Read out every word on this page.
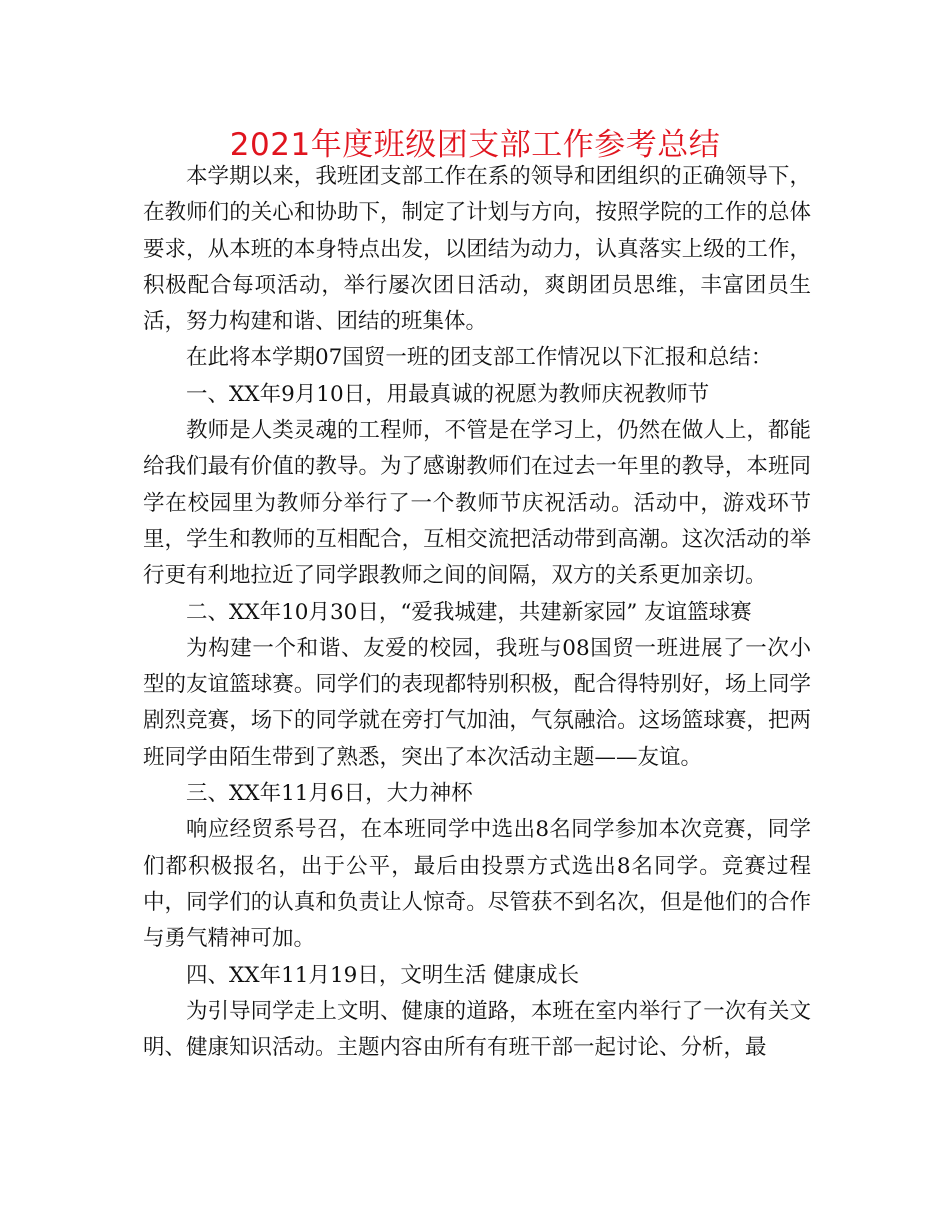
2021年度班级团支部工作参考总结

本学期以来，我班团支部工作在系的领导和团组织的正确领导下，在教师们的关心和协助下，制定了计划与方向，按照学院的工作的总体要求，从本班的本身特点出发，以团结为动力，认真落实上级的工作，积极配合每项活动，举行屡次团日活动，爽朗团员思维，丰富团员生活，努力构建和谐、团结的班集体。

在此将本学期07国贸一班的团支部工作情况以下汇报和总结：

一、XX年9月10日，用最真诚的祝愿为教师庆祝教师节

教师是人类灵魂的工程师，不管是在学习上，仍然在做人上，都能给我们最有价值的教导。为了感谢教师们在过去一年里的教导，本班同学在校园里为教师分举行了一个教师节庆祝活动。活动中，游戏环节里，学生和教师的互相配合，互相交流把活动带到高潮。这次活动的举行更有利地拉近了同学跟教师之间的间隔，双方的关系更加亲切。

二、XX年10月30日，“爱我城建，共建新家园” 友谊篮球赛

为构建一个和谐、友爱的校园，我班与08国贸一班进展了一次小型的友谊篮球赛。同学们的表现都特别积极，配合得特别好，场上同学剧烈竞赛，场下的同学就在旁打气加油，气氛融洽。这场篮球赛，把两班同学由陌生带到了熟悉，突出了本次活动主题——友谊。

三、XX年11月6日，大力神杯

响应经贸系号召，在本班同学中选出8名同学参加本次竞赛，同学们都积极报名，出于公平，最后由投票方式选出8名同学。竞赛过程中，同学们的认真和负责让人惊奇。尽管获不到名次，但是他们的合作与勇气精神可加。

四、XX年11月19日，文明生活 健康成长

为引导同学走上文明、健康的道路，本班在室内举行了一次有关文明、健康知识活动。主题内容由所有有班干部一起讨论、分析，最
